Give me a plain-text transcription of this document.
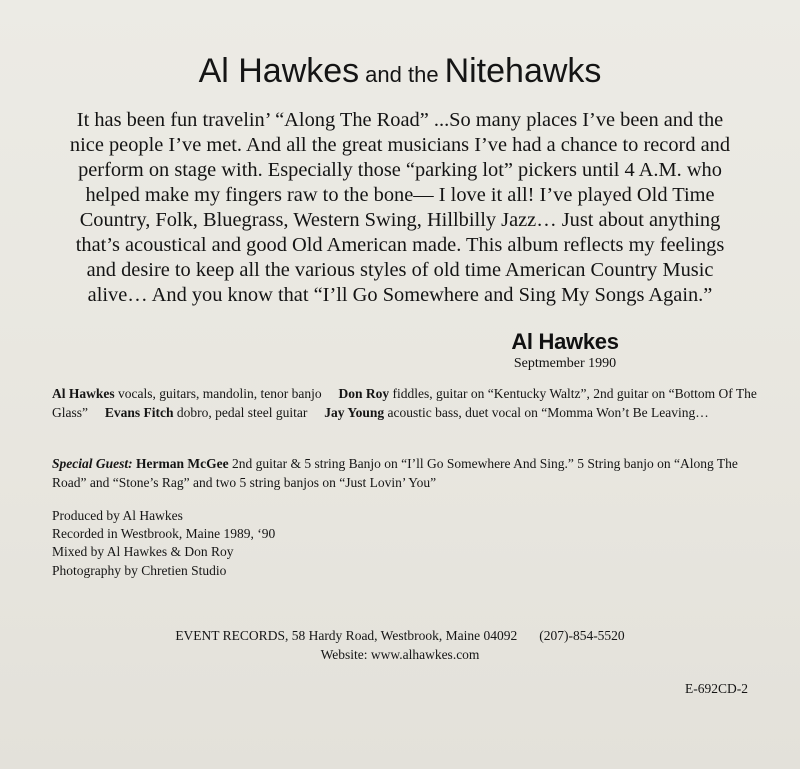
Al Hawkes and the Nitehawks
It has been fun travelin’ “Along The Road” ...So many places I’ve been and the nice people I’ve met. And all the great musicians I’ve had a chance to record and perform on stage with. Especially those “parking lot” pickers until 4 A.M. who helped make my fingers raw to the bone— I love it all! I’ve played Old Time Country, Folk, Bluegrass, Western Swing, Hillbilly Jazz… Just about anything that’s acoustical and good Old American made. This album reflects my feelings and desire to keep all the various styles of old time American Country Music alive… And you know that “I’ll Go Somewhere and Sing My Songs Again.”
Al Hawkes
Septmember 1990
Al Hawkes vocals, guitars, mandolin, tenor banjo Don Roy fiddles, guitar on “Kentucky Waltz”, 2nd guitar on “Bottom Of The Glass” Evans Fitch dobro, pedal steel guitar Jay Young acoustic bass, duet vocal on “Momma Won’t Be Leaving…
Special Guest: Herman McGee 2nd guitar & 5 string Banjo on “I’ll Go Somewhere And Sing.” 5 String banjo on “Along The Road” and “Stone’s Rag” and two 5 string banjos on “Just Lovin’ You”
Produced by Al Hawkes
Recorded in Westbrook, Maine 1989, ‘90
Mixed by Al Hawkes & Don Roy
Photography by Chretien Studio
EVENT RECORDS, 58 Hardy Road, Westbrook, Maine 04092 (207)-854-5520
Website: www.alhawkes.com
E-692CD-2
